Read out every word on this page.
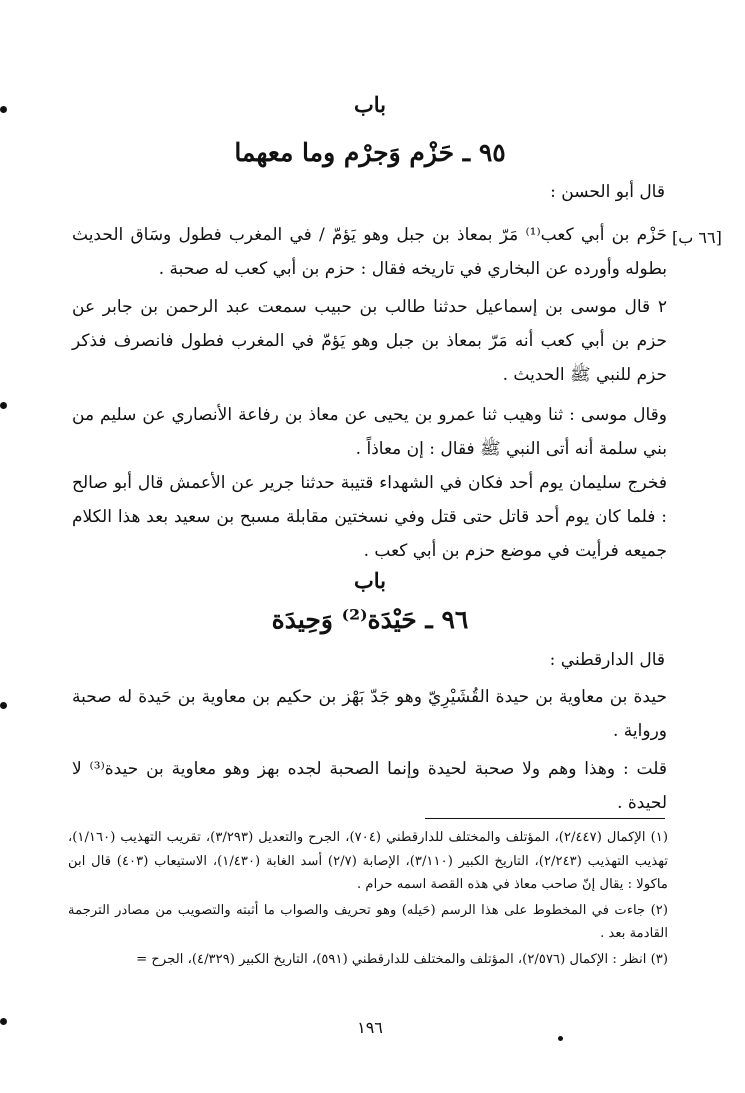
باب
٩٥ ـ حَزْم وَجرْم وما معهما
قال أبو الحسن :
[٦٦ ب]
حَزْم بن أبي كعب⁽¹⁾ مَرّ بمعاذ بن جبل وهو يَؤمّ / في المغرب فطول وسَاق الحديث بطوله وأورده عن البخاري في تاريخه فقال : حزم بن أبي كعب له صحبة .
٢ قال موسى بن إسماعيل حدثنا طالب بن حبيب سمعت عبد الرحمن بن جابر عن حزم بن أبي كعب أنه مَرّ بمعاذ بن جبل وهو يَؤمّ في المغرب فطول فانصرف فذكر حزم للنبي ﷺ الحديث .
وقال موسى : ثنا وهيب ثنا عمرو بن يحيى عن معاذ بن رفاعة الأنصاري عن سليم من بني سلمة أنه أتى النبي ﷺ فقال : إن معاذاً .
فخرج سليمان يوم أحد فكان في الشهداء قتيبة حدثنا جرير عن الأعمش قال أبو صالح : فلما كان يوم أحد قاتل حتى قتل وفي نسختين مقابلة مسبح بن سعيد بعد هذا الكلام جميعه فرأيت في موضع حزم بن أبي كعب .
باب
٩٦ ـ حَيْدَة⁽²⁾ وَحِيدَة
قال الدارقطني :
حيدة بن معاوية بن حيدة القُشَيْرِيّ وهو جَدّ بَهْز بن حكيم بن معاوية بن حَيدة له صحبة ورواية .
قلت : وهذا وهم ولا صحبة لحيدة وإنما الصحبة لجده بهز وهو معاوية بن حيدة⁽³⁾ لا لحيدة .
(١) الإكمال (٢/٤٤٧)، المؤتلف والمختلف للدارقطني (٧٠٤)، الجرح والتعديل (٣/٢٩٣)، تقريب التهذيب (١/١٦٠)، تهذيب التهذيب (٢/٢٤٣)، التاريخ الكبير (٣/١١٠)، الإصابة (٢/٧) أسد الغابة (١/٤٣٠)، الاستيعاب (٤٠٣) قال ابن ماكولا : يقال إنّ صاحب معاذ في هذه القصة اسمه حرام .
(٢) جاءت في المخطوط على هذا الرسم (حَيله) وهو تحريف والصواب ما أثبته والتصويب من مصادر الترجمة القادمة بعد .
(٣) انظر : الإكمال (٢/٥٧٦)، المؤتلف والمختلف للدارقطني (٥٩١)، التاريخ الكبير (٤/٣٢٩)، الجرح =
١٩٦
